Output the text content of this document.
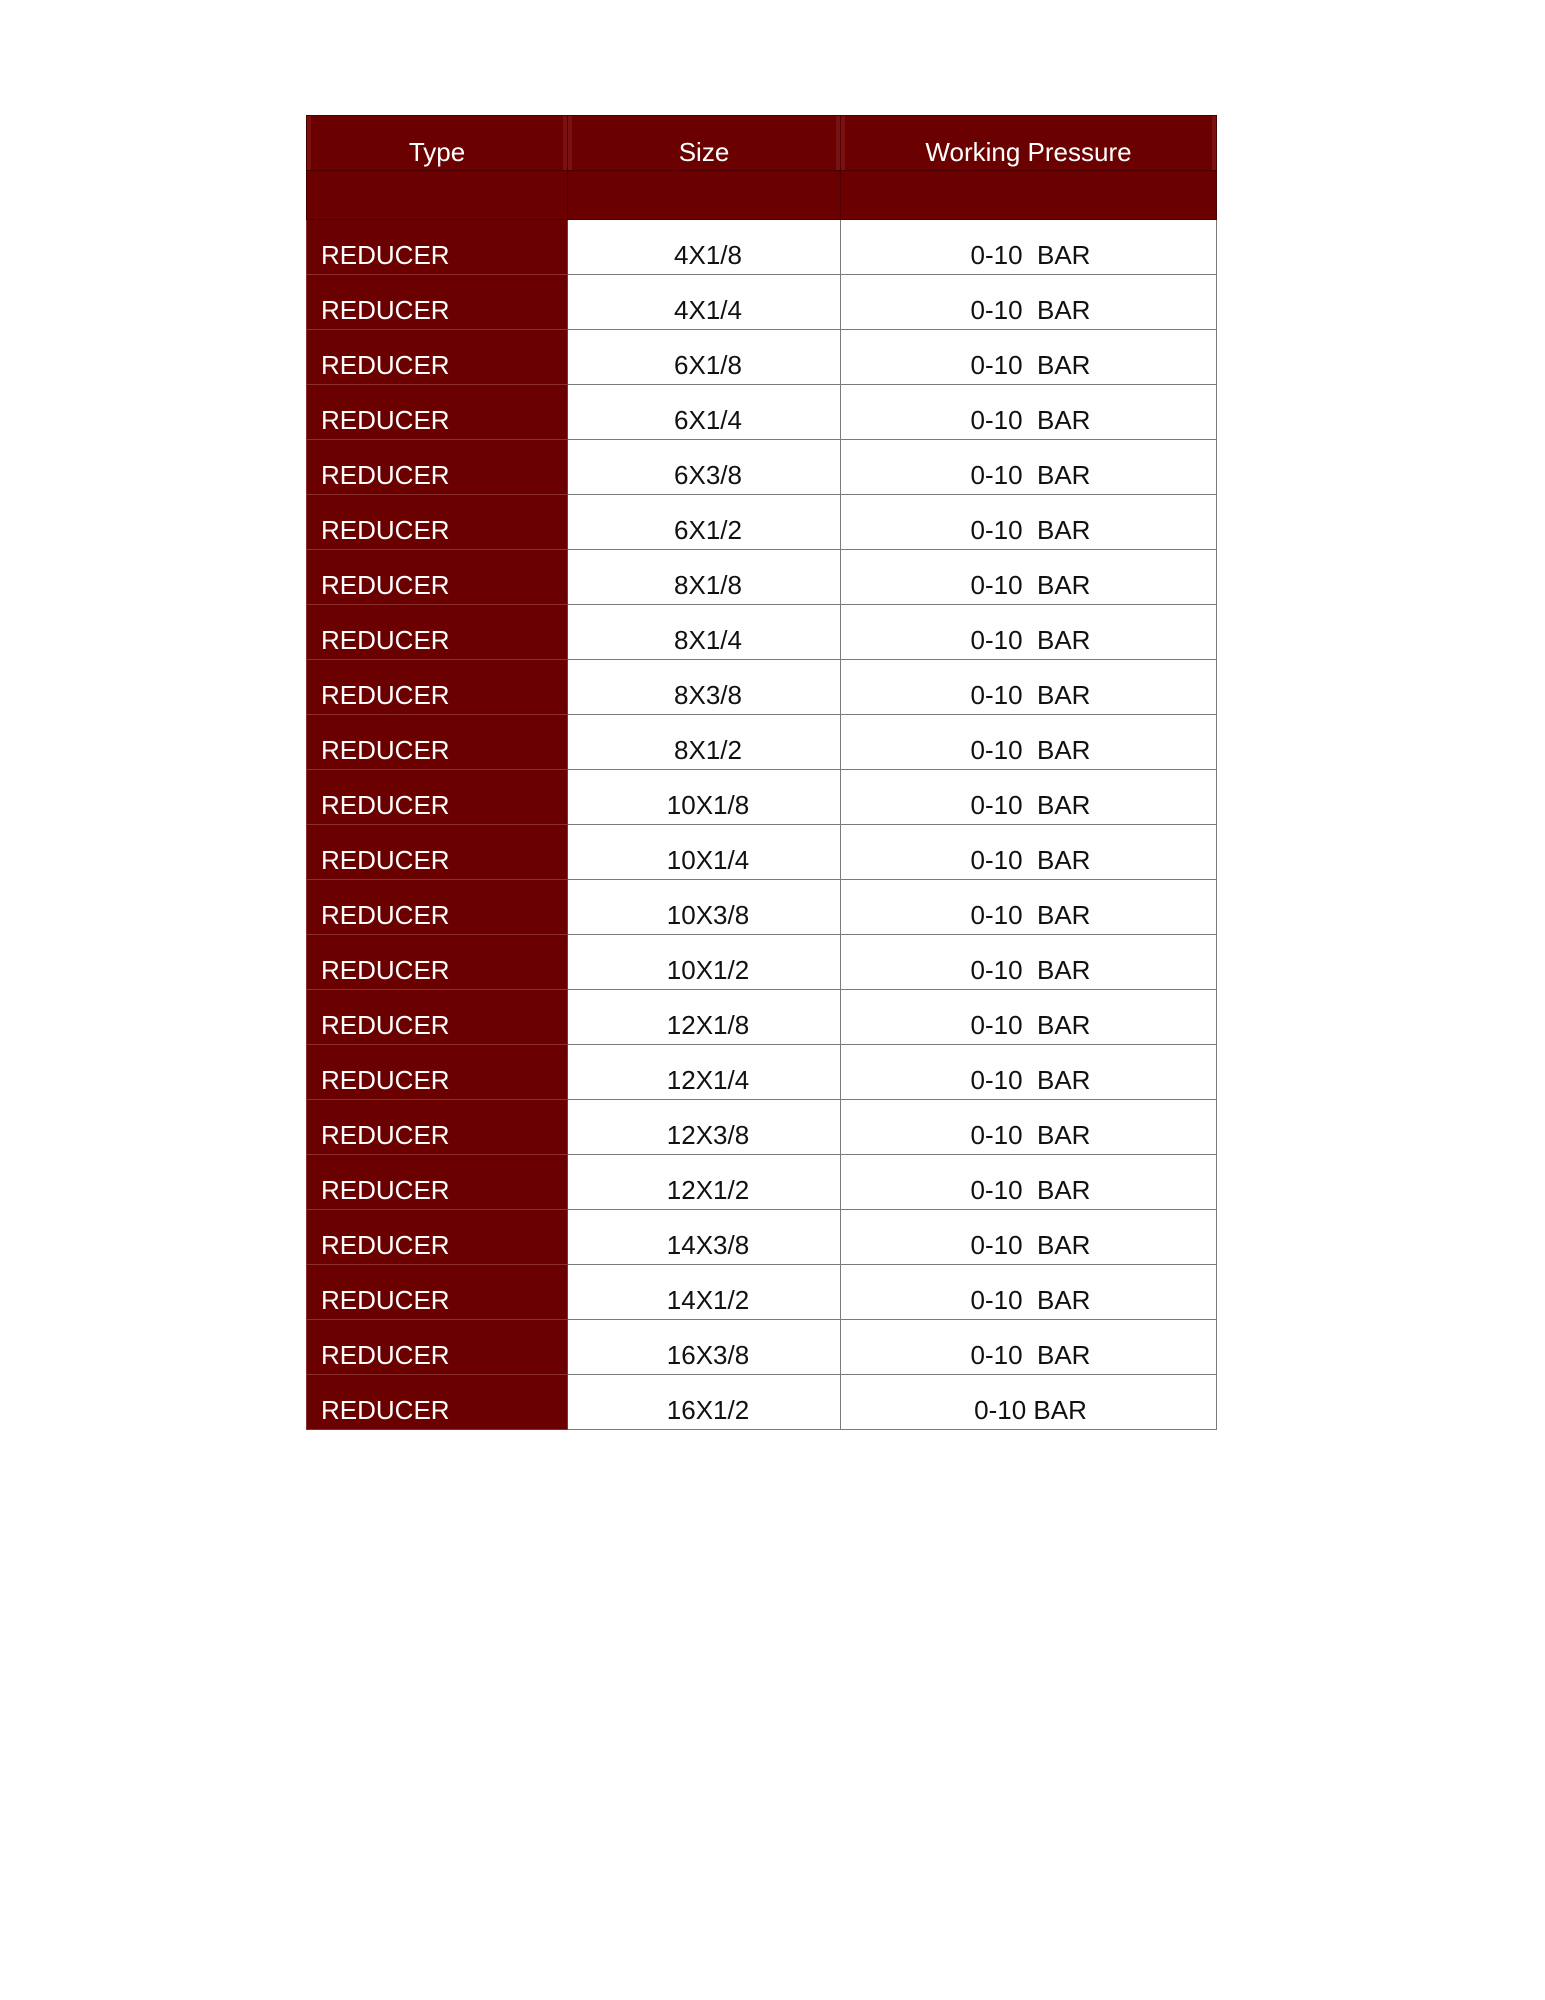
Type	Size	Working Pressure

REDUCER	4X1/8	0-10  BAR
REDUCER	4X1/4	0-10  BAR
REDUCER	6X1/8	0-10  BAR
REDUCER	6X1/4	0-10  BAR
REDUCER	6X3/8	0-10  BAR
REDUCER	6X1/2	0-10  BAR
REDUCER	8X1/8	0-10  BAR
REDUCER	8X1/4	0-10  BAR
REDUCER	8X3/8	0-10  BAR
REDUCER	8X1/2	0-10  BAR
REDUCER	10X1/8	0-10  BAR
REDUCER	10X1/4	0-10  BAR
REDUCER	10X3/8	0-10  BAR
REDUCER	10X1/2	0-10  BAR
REDUCER	12X1/8	0-10  BAR
REDUCER	12X1/4	0-10  BAR
REDUCER	12X3/8	0-10  BAR
REDUCER	12X1/2	0-10  BAR
REDUCER	14X3/8	0-10  BAR
REDUCER	14X1/2	0-10  BAR
REDUCER	16X3/8	0-10  BAR
REDUCER	16X1/2	0-10 BAR
